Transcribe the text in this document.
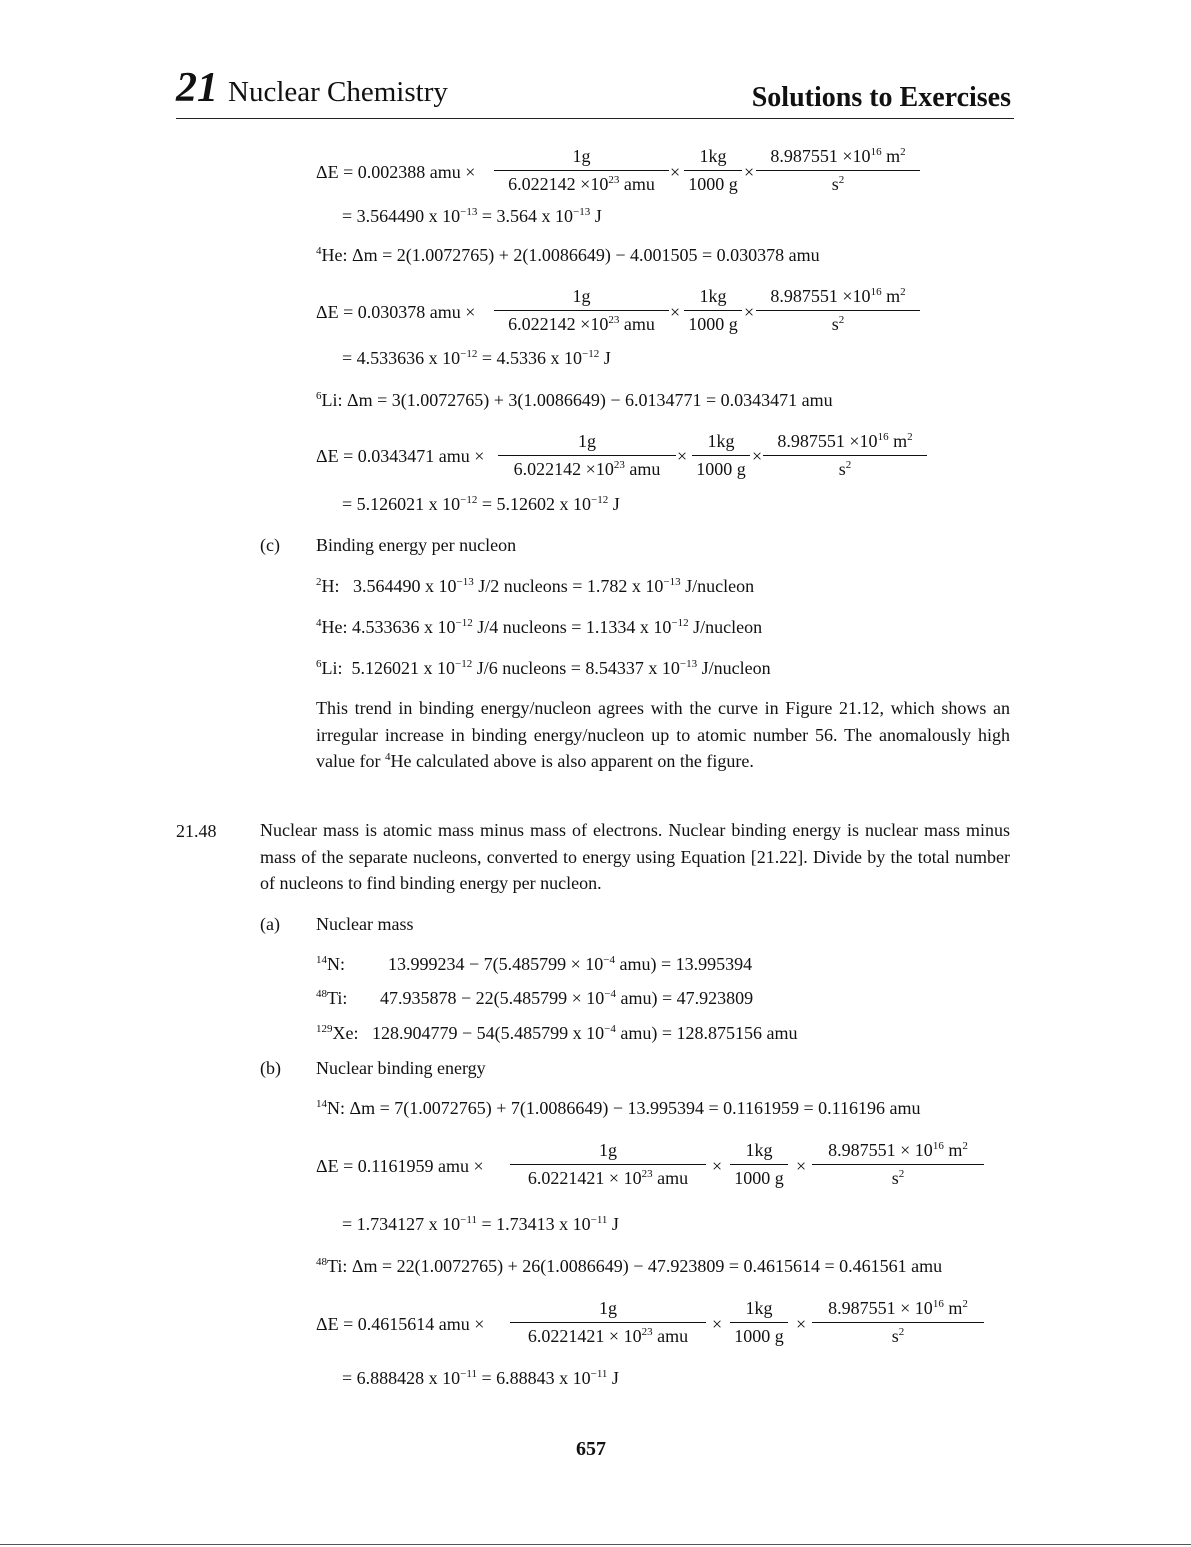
21 Nuclear Chemistry	Solutions to Exercises
ΔE = 0.002388 amu ×
1g
$6.022142 \times 10^{23}$ amu
×
1kg
1000 g
×
$8.987551 \times 10^{16}$ $m^2$
$s^2$
= 3.564490 x $10^{-13} = 3.564$ x $10^{-13}$ J
$^4$He: Δm = 2(1.0072765) + 2(1.0086649) − 4.001505 = 0.030378 amu
ΔE = 0.030378 amu ×
1g
$6.022142 \times 10^{23}$ amu
×
1kg
1000 g
×
$8.987551 \times 10^{16}$ $m^2$
$s^2$
= 4.533636 x $10^{-12} = 4.5336$ x $10^{-12}$ J
$^6$Li: Δm = 3(1.0072765) + 3(1.0086649) − 6.0134771 = 0.0343471 amu
ΔE = 0.0343471 amu ×
1g
$6.022142 \times 10^{23}$ amu
×
1kg
1000 g
×
$8.987551 \times 10^{16}$ $m^2$
$s^2$
= 5.126021 x $10^{-12} = 5.12602$ x $10^{-12}$ J
(c) Binding energy per nucleon
$^2$H: 3.564490 x $10^{-13}$ J/2 nucleons = 1.782 x $10^{-13}$ J/nucleon
$^4$He: 4.533636 x $10^{-12}$ J/4 nucleons = 1.1334 x $10^{-12}$ J/nucleon
$^6$Li: 5.126021 x $10^{-12}$ J/6 nucleons = 8.54337 x $10^{-13}$ J/nucleon
This trend in binding energy/nucleon agrees with the curve in Figure 21.12, which shows an irregular increase in binding energy/nucleon up to atomic number 56. The anomalously high value for $^4$He calculated above is also apparent on the figure.
21.48 Nuclear mass is atomic mass minus mass of electrons. Nuclear binding energy is nuclear mass minus mass of the separate nucleons, converted to energy using Equation [21.22]. Divide by the total number of nucleons to find binding energy per nucleon.
(a) Nuclear mass
$^{14}$N: $13.999234 - 7(5.485799 \times 10^{-4}$ amu) = 13.995394
$^{48}$Ti: $47.935878 - 22(5.485799 \times 10^{-4}$ amu) = 47.923809
$^{129}$Xe: 128.904779 − 54(5.485799 x $10^{-4}$ amu) = 128.875156 amu
(b) Nuclear binding energy
$^{14}$N: Δm = 7(1.0072765) + 7(1.0086649) − 13.995394 = 0.1161959 = 0.116196 amu
ΔE = 0.1161959 amu ×
1g
$6.0221421 \times 10^{23}$ amu
×
1kg
1000 g
×
$8.987551 \times 10^{16}$ $m^2$
$s^2$
= 1.734127 x $10^{-11} = 1.73413$ x $10^{-11}$ J
$^{48}$Ti: Δm = 22(1.0072765) + 26(1.0086649) − 47.923809 = 0.4615614 = 0.461561 amu
ΔE = 0.4615614 amu ×
1g
$6.0221421 \times 10^{23}$ amu
×
1kg
1000 g
×
$8.987551 \times 10^{16}$ $m^2$
$s^2$
= 6.888428 x $10^{-11} = 6.88843$ x $10^{-11}$ J
657
